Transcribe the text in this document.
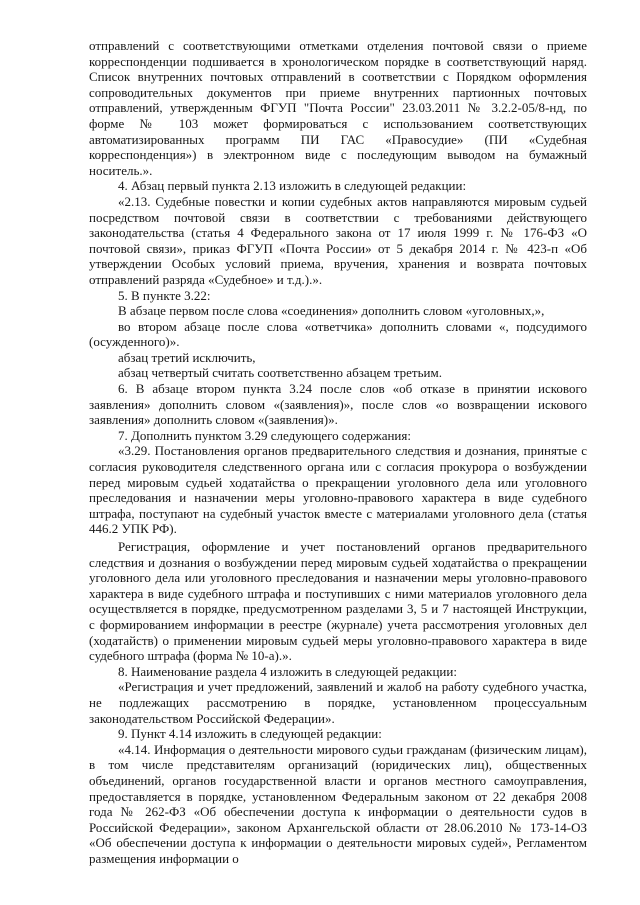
отправлений с соответствующими отметками отделения почтовой связи о приеме корреспонденции подшивается в хронологическом порядке в соответствующий наряд. Список внутренних почтовых отправлений в соответствии с Порядком оформления сопроводительных документов при приеме внутренних партионных почтовых отправлений, утвержденным ФГУП "Почта России" 23.03.2011 № 3.2.2-05/8-нд, по форме № 103 может формироваться с использованием соответствующих автоматизированных программ ПИ ГАС «Правосудие» (ПИ «Судебная корреспонденция») в электронном виде с последующим выводом на бумажный носитель.».

4. Абзац первый пункта 2.13 изложить в следующей редакции:

«2.13. Судебные повестки и копии судебных актов направляются мировым судьей посредством почтовой связи в соответствии с требованиями действующего законодательства (статья 4 Федерального закона от 17 июля 1999 г. № 176-ФЗ «О почтовой связи», приказ ФГУП «Почта России» от 5 декабря 2014 г. № 423-п «Об утверждении Особых условий приема, вручения, хранения и возврата почтовых отправлений разряда «Судебное» и т.д.).».

5. В пункте 3.22:

В абзаце первом после слова «соединения» дополнить словом «уголовных,»,

во втором абзаце после слова «ответчика» дополнить словами «, подсудимого (осужденного)».

абзац третий исключить,

абзац четвертый считать соответственно абзацем третьим.

6. В абзаце втором пункта 3.24 после слов «об отказе в принятии искового заявления» дополнить словом «(заявления)», после слов «о возвращении искового заявления» дополнить словом «(заявления)».

7. Дополнить пунктом 3.29 следующего содержания:

«3.29. Постановления органов предварительного следствия и дознания, принятые с согласия руководителя следственного органа или с согласия прокурора о возбуждении перед мировым судьей ходатайства о прекращении уголовного дела или уголовного преследования и назначении меры уголовно-правового характера в виде судебного штрафа, поступают на судебный участок вместе с материалами уголовного дела (статья 446.2 УПК РФ).

Регистрация, оформление и учет постановлений органов предварительного следствия и дознания о возбуждении перед мировым судьей ходатайства о прекращении уголовного дела или уголовного преследования и назначении меры уголовно-правового характера в виде судебного штрафа и поступивших с ними материалов уголовного дела осуществляется в порядке, предусмотренном разделами 3, 5 и 7 настоящей Инструкции, с формированием информации в реестре (журнале) учета рассмотрения уголовных дел (ходатайств) о применении мировым судьей меры уголовно-правового характера в виде судебного штрафа (форма № 10-а).».

8. Наименование раздела 4 изложить в следующей редакции:

«Регистрация и учет предложений, заявлений и жалоб на работу судебного участка, не подлежащих рассмотрению в порядке, установленном процессуальным законодательством Российской Федерации».

9. Пункт 4.14 изложить в следующей редакции:

«4.14. Информация о деятельности мирового судьи гражданам (физическим лицам), в том числе представителям организаций (юридических лиц), общественных объединений, органов государственной власти и органов местного самоуправления, предоставляется в порядке, установленном Федеральным законом от 22 декабря 2008 года № 262-ФЗ «Об обеспечении доступа к информации о деятельности судов в Российской Федерации», законом Архангельской области от 28.06.2010 № 173-14-ОЗ «Об обеспечении доступа к информации о деятельности мировых судей», Регламентом размещения информации о
